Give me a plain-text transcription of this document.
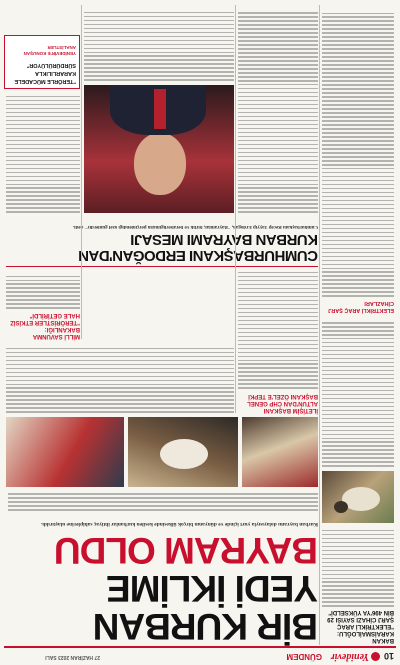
10
Yenidevir
GÜNDEM
27 HAZİRAN 2023 SALI
BİR KURBAN
YEDİ İKLİME
BAYRAM OLDU
BAKAN KARAİSMAİLOĞLU: "ELEKTRİKLİ ARAÇ ŞARJ CİHAZI SAYISI 29 BİN 496'YA YÜKSELDİ"
Kurban bayramı dolayısıyla yurt içinde ve dünyanın birçok ülkesinde kesilen kurbanlar ihtiyaç sahiplerine ulaştırıldı.
İLETİŞİM BAŞKANI ALTUN'DAN CHP GENEL BAŞKANI ÖZEL'E TEPKİ
CUMHURBAŞKANI ERDOĞAN'DAN
KURBAN BAYRAMI MESAJI
Cumhurbaşkanı Recep Tayyip Erdoğan, "Bayramlar, birlik ve beraberliğimizin perçinlendiği özel günlerdir" dedi.
MİLLİ SAVUNMA BAKANLIĞI: "TERÖRİSTLER ETKİSİZ HALE GETİRİLDİ"
"TERÖRLE MÜCADELE
KARARLILIKLA
SÜRDÜRÜLÜYOR"
YENİDEVİR'E KONUŞAN ANALİSTLER
ELEKTRİKLİ ARAÇ ŞARJ CİHAZLARI
